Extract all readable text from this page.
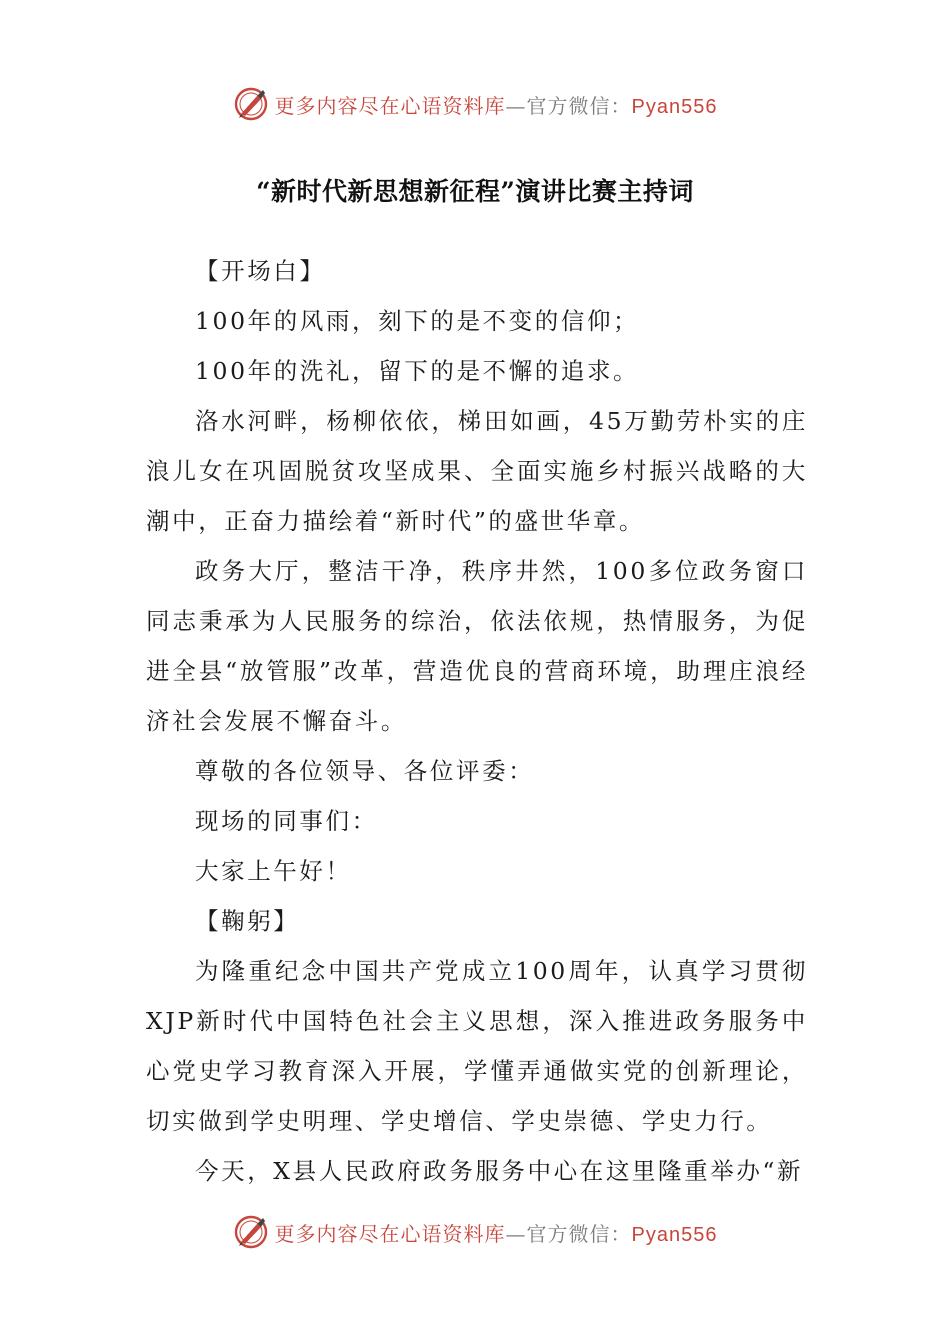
更多内容尽在心语资料库—官方微信：Pyan556
“新时代新思想新征程”演讲比赛主持词

【开场白】

100年的风雨，刻下的是不变的信仰；

100年的洗礼，留下的是不懈的追求。

洛水河畔，杨柳依依，梯田如画，45万勤劳朴实的庄浪儿女在巩固脱贫攻坚成果、全面实施乡村振兴战略的大潮中，正奋力描绘着“新时代”的盛世华章。

政务大厅，整洁干净，秩序井然，100多位政务窗口同志秉承为人民服务的综治，依法依规，热情服务，为促进全县“放管服”改革，营造优良的营商环境，助理庄浪经济社会发展不懈奋斗。

尊敬的各位领导、各位评委：

现场的同事们：

大家上午好！

【鞠躬】

为隆重纪念中国共产党成立100周年，认真学习贯彻XJP新时代中国特色社会主义思想，深入推进政务服务中心党史学习教育深入开展，学懂弄通做实党的创新理论，切实做到学史明理、学史增信、学史崇德、学史力行。

今天，X县人民政府政务服务中心在这里隆重举办“新

更多内容尽在心语资料库—官方微信：Pyan556
